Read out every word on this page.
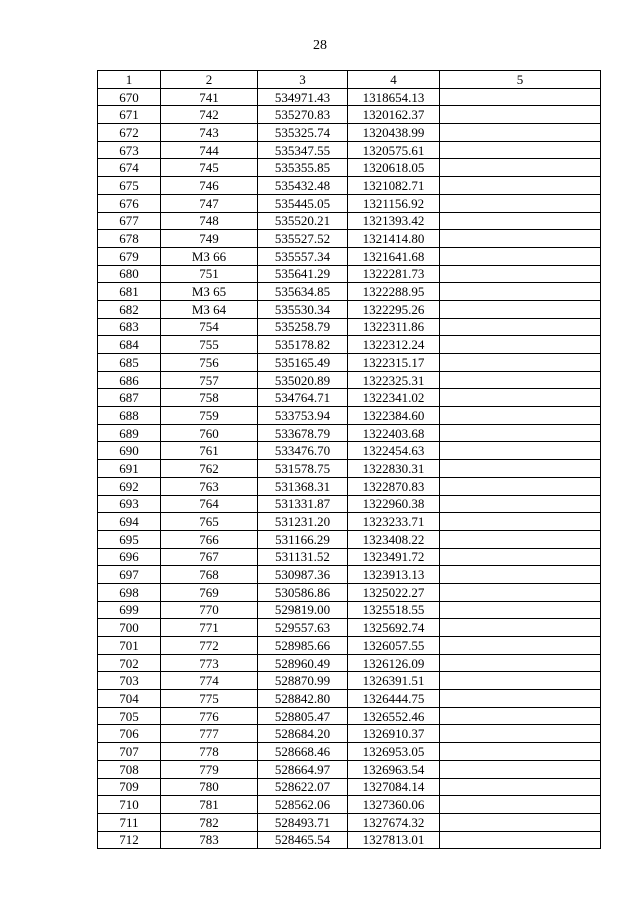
28
1	2	3	4	5
670	741	534971.43	1318654.13	
671	742	535270.83	1320162.37	
672	743	535325.74	1320438.99	
673	744	535347.55	1320575.61	
674	745	535355.85	1320618.05	
675	746	535432.48	1321082.71	
676	747	535445.05	1321156.92	
677	748	535520.21	1321393.42	
678	749	535527.52	1321414.80	
679	МЗ 66	535557.34	1321641.68	
680	751	535641.29	1322281.73	
681	МЗ 65	535634.85	1322288.95	
682	МЗ 64	535530.34	1322295.26	
683	754	535258.79	1322311.86	
684	755	535178.82	1322312.24	
685	756	535165.49	1322315.17	
686	757	535020.89	1322325.31	
687	758	534764.71	1322341.02	
688	759	533753.94	1322384.60	
689	760	533678.79	1322403.68	
690	761	533476.70	1322454.63	
691	762	531578.75	1322830.31	
692	763	531368.31	1322870.83	
693	764	531331.87	1322960.38	
694	765	531231.20	1323233.71	
695	766	531166.29	1323408.22	
696	767	531131.52	1323491.72	
697	768	530987.36	1323913.13	
698	769	530586.86	1325022.27	
699	770	529819.00	1325518.55	
700	771	529557.63	1325692.74	
701	772	528985.66	1326057.55	
702	773	528960.49	1326126.09	
703	774	528870.99	1326391.51	
704	775	528842.80	1326444.75	
705	776	528805.47	1326552.46	
706	777	528684.20	1326910.37	
707	778	528668.46	1326953.05	
708	779	528664.97	1326963.54	
709	780	528622.07	1327084.14	
710	781	528562.06	1327360.06	
711	782	528493.71	1327674.32	
712	783	528465.54	1327813.01	
